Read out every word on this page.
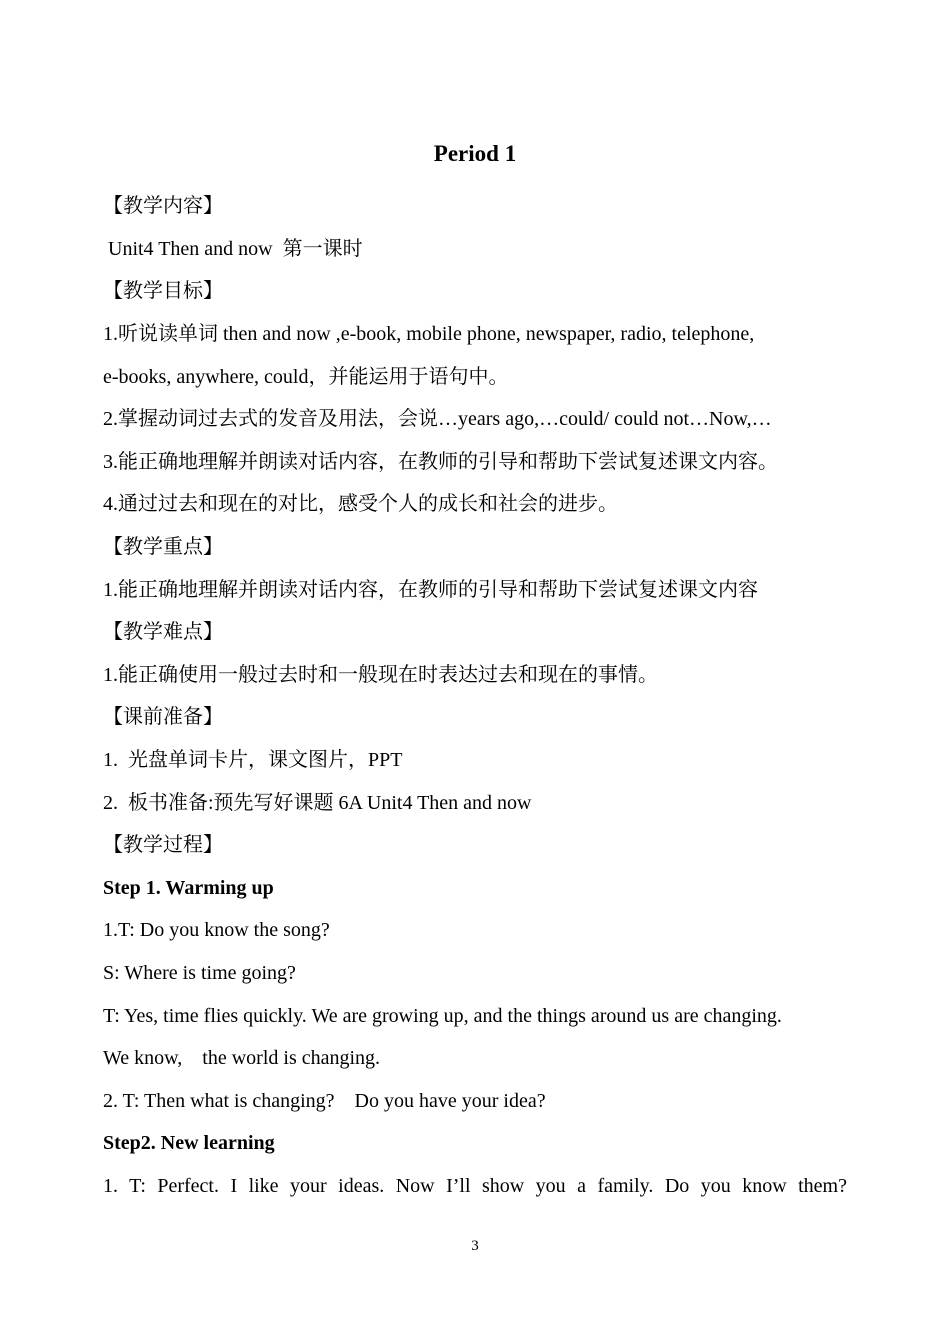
Period 1
【教学内容】
Unit4 Then and now  第一课时
【教学目标】
1.听说读单词 then and now ,e-book, mobile phone, newspaper, radio, telephone,
e-books, anywhere, could，并能运用于语句中。
2.掌握动词过去式的发音及用法，会说…years ago,…could/ could not…Now,…
3.能正确地理解并朗读对话内容，在教师的引导和帮助下尝试复述课文内容。
4.通过过去和现在的对比，感受个人的成长和社会的进步。
【教学重点】
1.能正确地理解并朗读对话内容，在教师的引导和帮助下尝试复述课文内容
【教学难点】
1.能正确使用一般过去时和一般现在时表达过去和现在的事情。
【课前准备】
1.  光盘单词卡片，课文图片，PPT
2.  板书准备:预先写好课题 6A Unit4 Then and now
【教学过程】
Step 1. Warming up
1.T: Do you know the song?
S: Where is time going?
T: Yes, time flies quickly. We are growing up, and the things around us are changing.
We know,    the world is changing.
2. T: Then what is changing?    Do you have your idea?
Step2. New learning
1. T: Perfect. I like your ideas. Now I’ll show you a family. Do you know them?
3
